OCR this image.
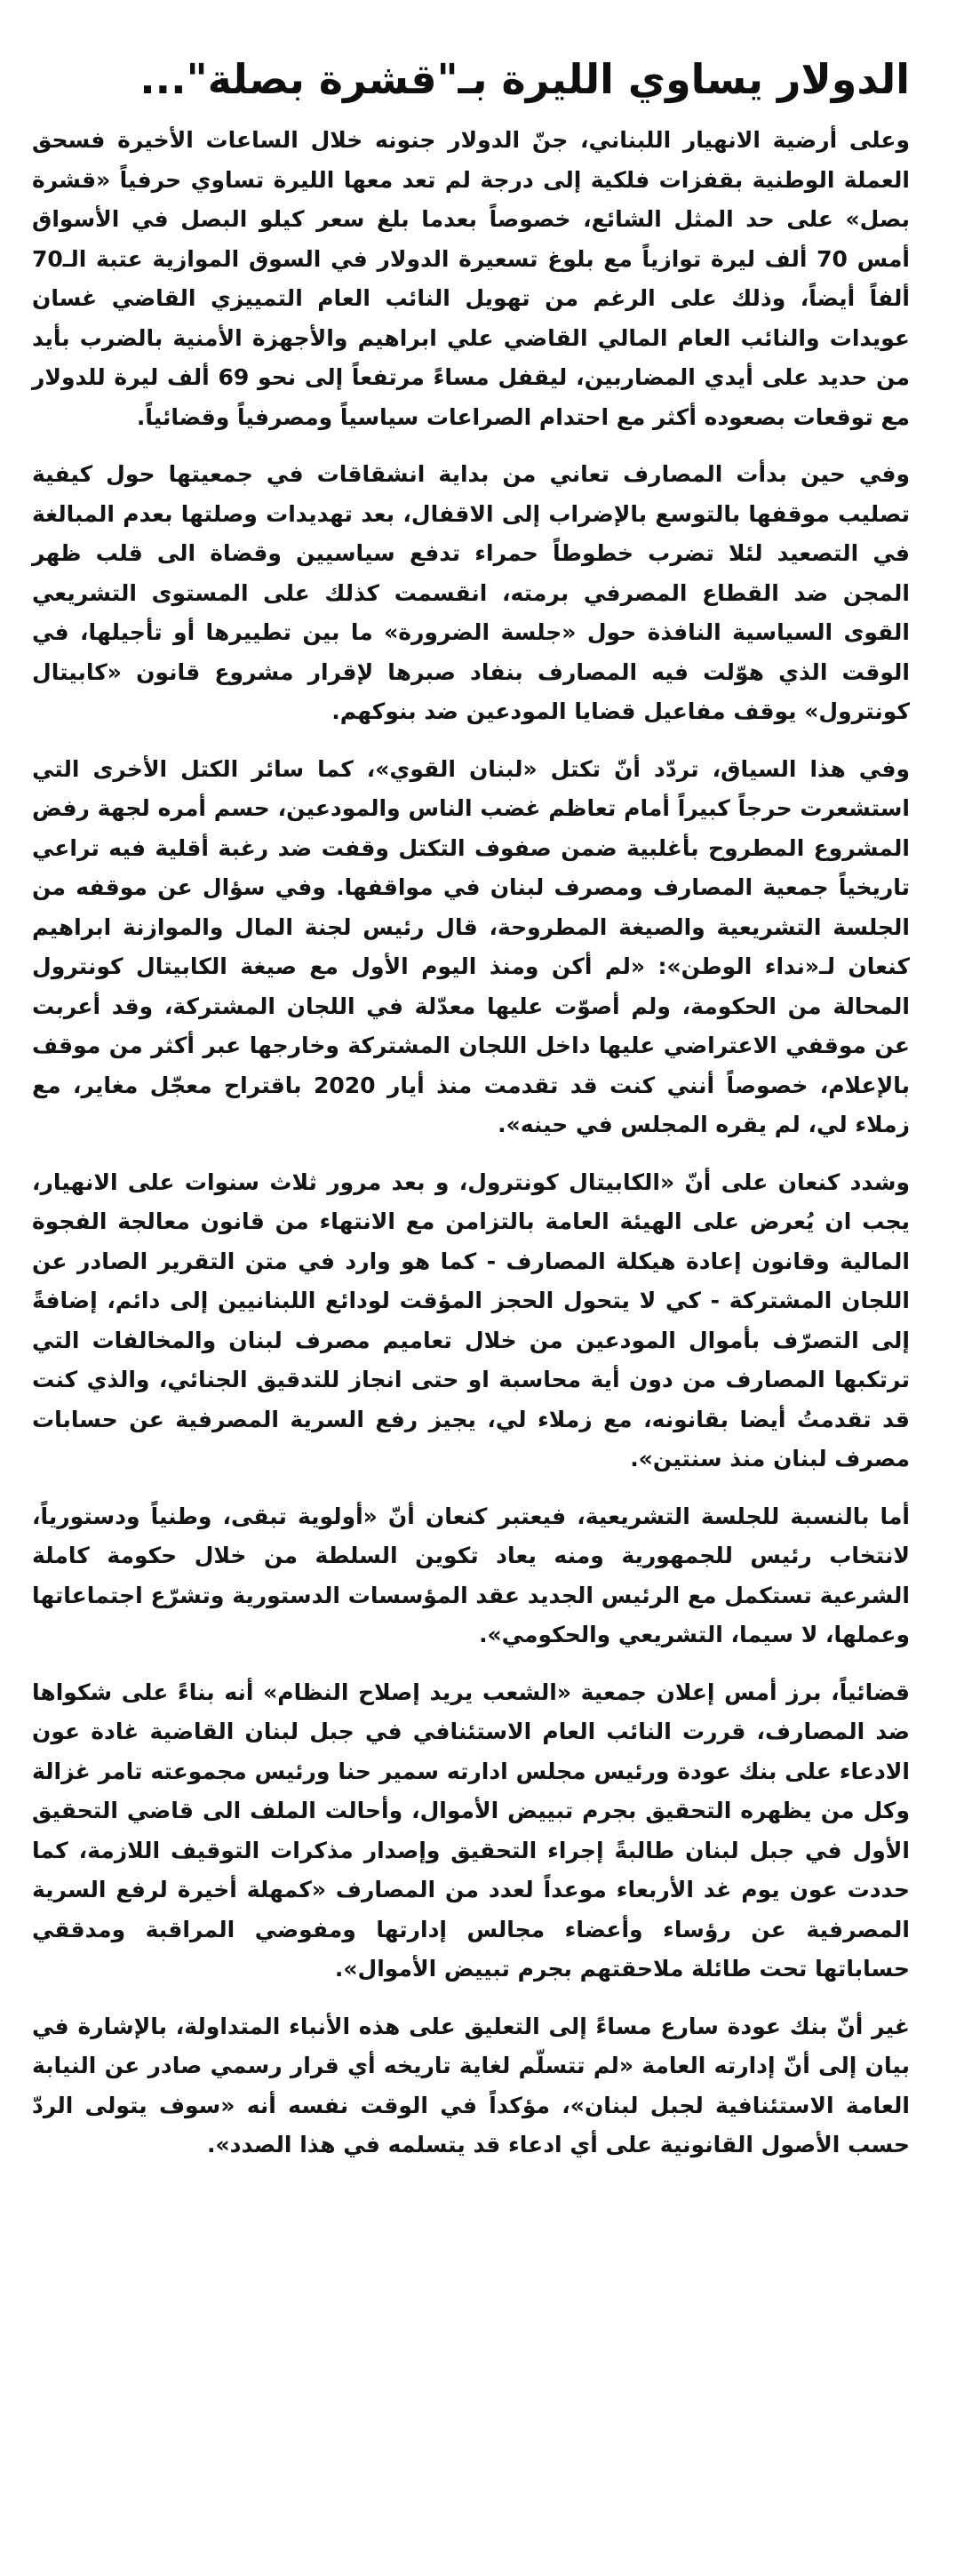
الدولار يساوي الليرة بـ"قشرة بصلة"...

وعلى أرضية الانهيار اللبناني، جنّ الدولار جنونه خلال الساعات الأخيرة فسحق العملة الوطنية بقفزات فلكية إلى درجة لم تعد معها الليرة تساوي حرفياً «قشرة بصل» على حد المثل الشائع، خصوصاً بعدما بلغ سعر كيلو البصل في الأسواق أمس 70 ألف ليرة توازياً مع بلوغ تسعيرة الدولار في السوق الموازية عتبة الـ70 ألفاً أيضاً، وذلك على الرغم من تهويل النائب العام التمييزي القاضي غسان عويدات والنائب العام المالي القاضي علي ابراهيم والأجهزة الأمنية بالضرب بأيد من حديد على أيدي المضاربين، ليقفل مساءً مرتفعاً إلى نحو 69 ألف ليرة للدولار مع توقعات بصعوده أكثر مع احتدام الصراعات سياسياً ومصرفياً وقضائياً.

وفي حين بدأت المصارف تعاني من بداية انشقاقات في جمعيتها حول كيفية تصليب موقفها بالتوسع بالإضراب إلى الاقفال، بعد تهديدات وصلتها بعدم المبالغة في التصعيد لئلا تضرب خطوطاً حمراء تدفع سياسيين وقضاة الى قلب ظهر المجن ضد القطاع المصرفي برمته، انقسمت كذلك على المستوى التشريعي القوى السياسية النافذة حول «جلسة الضرورة» ما بين تطييرها أو تأجيلها، في الوقت الذي هوّلت فيه المصارف بنفاد صبرها لإقرار مشروع قانون «كابيتال كونترول» يوقف مفاعيل قضايا المودعين ضد بنوكهم.

وفي هذا السياق، تردّد أنّ تكتل «لبنان القوي»، كما سائر الكتل الأخرى التي استشعرت حرجاً كبيراً أمام تعاظم غضب الناس والمودعين، حسم أمره لجهة رفض المشروع المطروح بأغلبية ضمن صفوف التكتل وقفت ضد رغبة أقلية فيه تراعي تاريخياً جمعية المصارف ومصرف لبنان في مواقفها. وفي سؤال عن موقفه من الجلسة التشريعية والصيغة المطروحة، قال رئيس لجنة المال والموازنة ابراهيم كنعان لـ«نداء الوطن»: «لم أكن ومنذ اليوم الأول مع صيغة الكابيتال كونترول المحالة من الحكومة، ولم أصوّت عليها معدّلة في اللجان المشتركة، وقد أعربت عن موقفي الاعتراضي عليها داخل اللجان المشتركة وخارجها عبر أكثر من موقف بالإعلام، خصوصاً أنني كنت قد تقدمت منذ أيار 2020 باقتراح معجّل مغاير، مع زملاء لي، لم يقره المجلس في حينه».

وشدد كنعان على أنّ «الكابيتال كونترول، و بعد مرور ثلاث سنوات على الانهيار، يجب ان يُعرض على الهيئة العامة بالتزامن مع الانتهاء من قانون معالجة الفجوة المالية وقانون إعادة هيكلة المصارف - كما هو وارد في متن التقرير الصادر عن اللجان المشتركة - كي لا يتحول الحجز المؤقت لودائع اللبنانيين إلى دائم، إضافةً إلى التصرّف بأموال المودعين من خلال تعاميم مصرف لبنان والمخالفات التي ترتكبها المصارف من دون أية محاسبة او حتى انجاز للتدقيق الجنائي، والذي كنت قد تقدمتُ أيضا بقانونه، مع زملاء لي، يجيز رفع السرية المصرفية عن حسابات مصرف لبنان منذ سنتين».

أما بالنسبة للجلسة التشريعية، فيعتبر كنعان أنّ «أولوية تبقى، وطنياً ودستورياً، لانتخاب رئيس للجمهورية ومنه يعاد تكوين السلطة من خلال حكومة كاملة الشرعية تستكمل مع الرئيس الجديد عقد المؤسسات الدستورية وتشرّع اجتماعاتها وعملها، لا سيما، التشريعي والحكومي».

قضائياً، برز أمس إعلان جمعية «الشعب يريد إصلاح النظام» أنه بناءً على شكواها ضد المصارف، قررت النائب العام الاستئنافي في جبل لبنان القاضية غادة عون الادعاء على بنك عودة ورئيس مجلس ادارته سمير حنا ورئيس مجموعته تامر غزالة وكل من يظهره التحقيق بجرم تبييض الأموال، وأحالت الملف الى قاضي التحقيق الأول في جبل لبنان طالبةً إجراء التحقيق وإصدار مذكرات التوقيف اللازمة، كما حددت عون يوم غد الأربعاء موعداً لعدد من المصارف «كمهلة أخيرة لرفع السرية المصرفية عن رؤساء وأعضاء مجالس إدارتها ومفوضي المراقبة ومدققي حساباتها تحت طائلة ملاحقتهم بجرم تبييض الأموال».

غير أنّ بنك عودة سارع مساءً إلى التعليق على هذه الأنباء المتداولة، بالإشارة في بيان إلى أنّ إدارته العامة «لم تتسلّم لغاية تاريخه أي قرار رسمي صادر عن النيابة العامة الاستئنافية لجبل لبنان»، مؤكداً في الوقت نفسه أنه «سوف يتولى الردّ حسب الأصول القانونية على أي ادعاء قد يتسلمه في هذا الصدد».
